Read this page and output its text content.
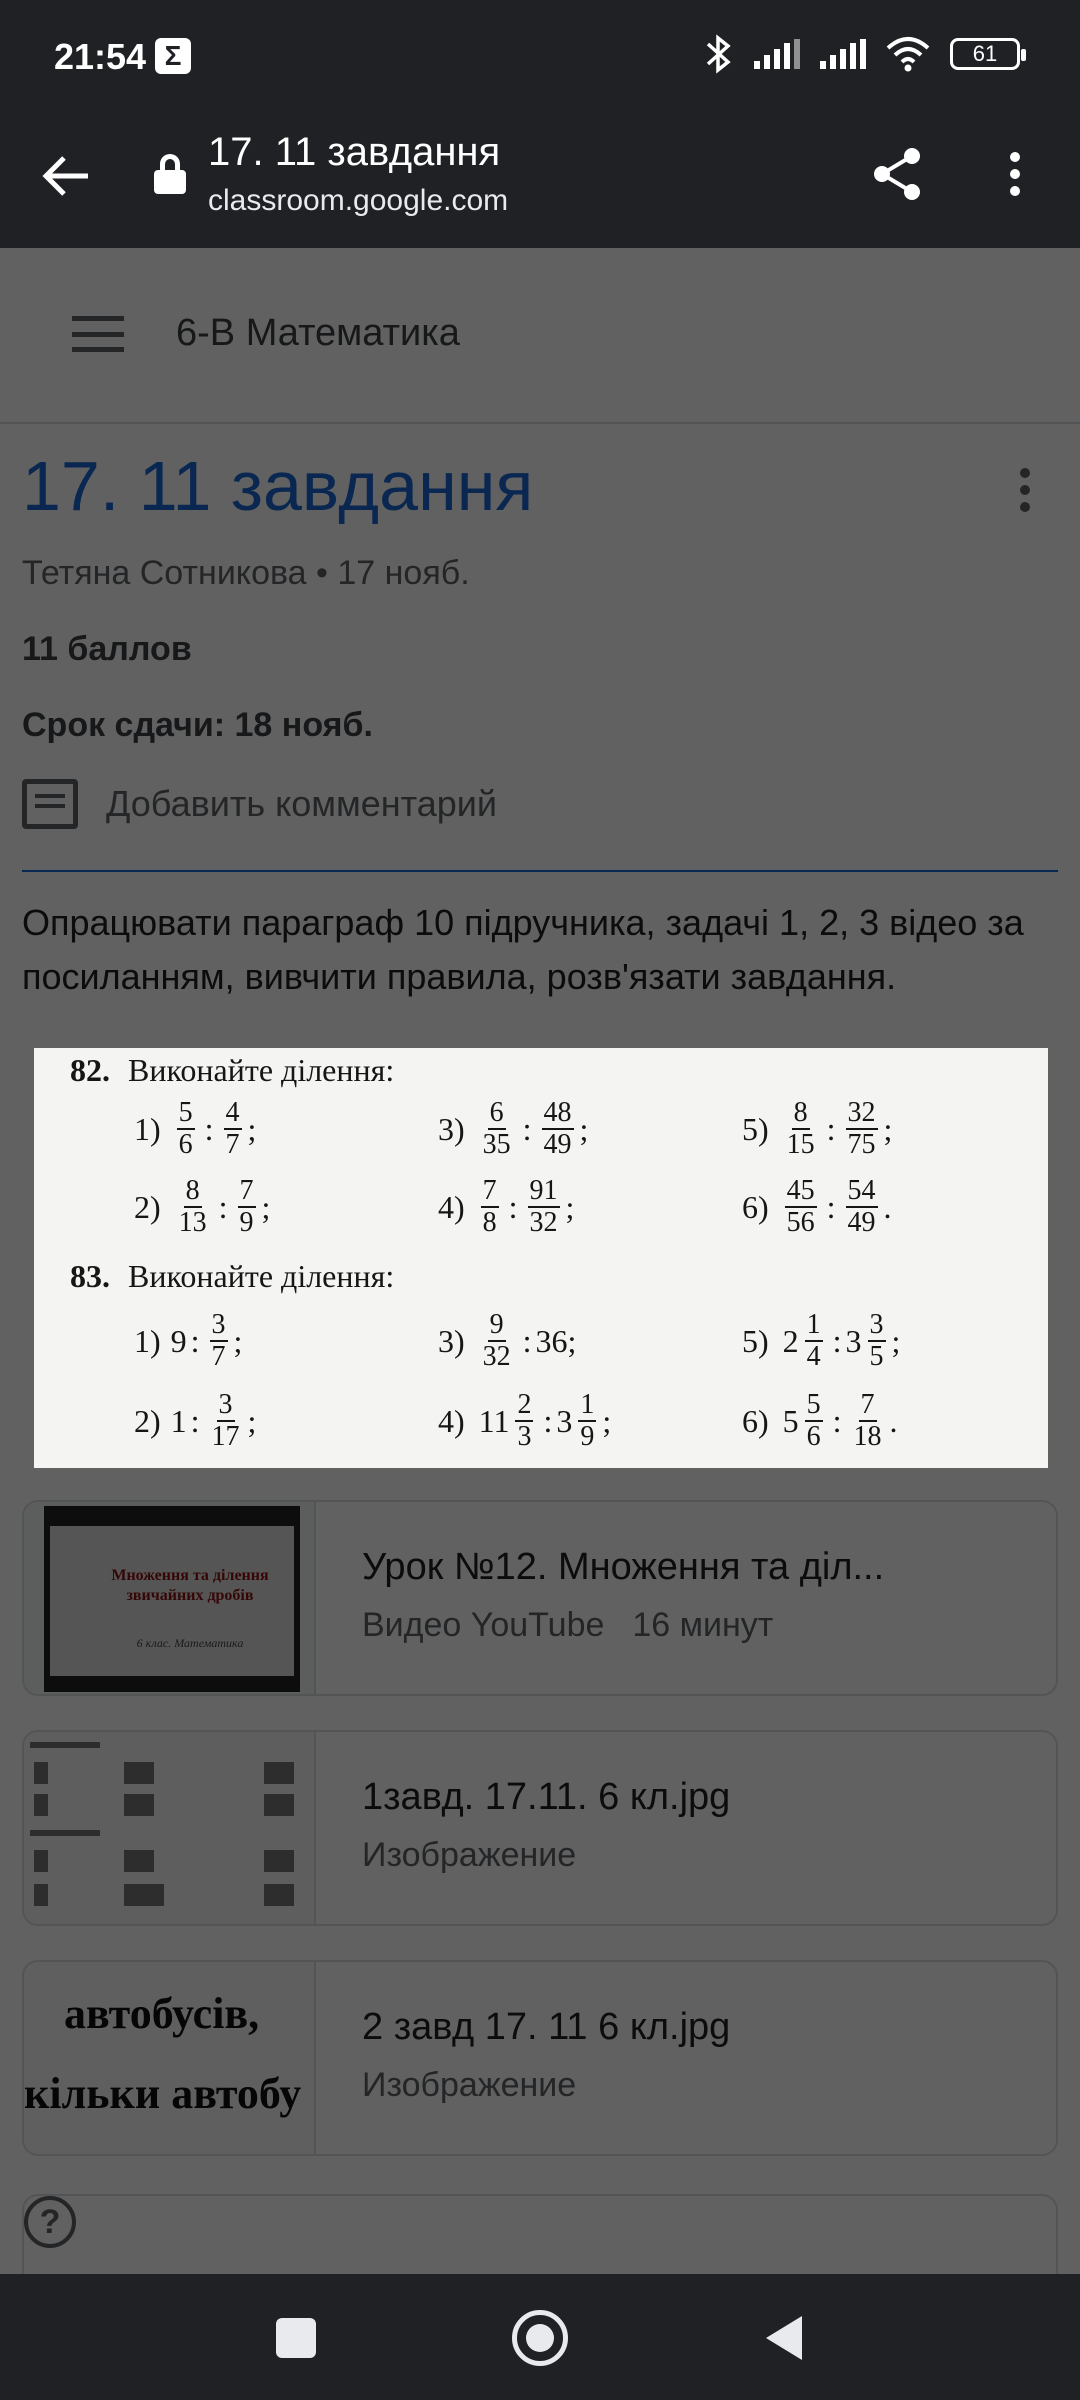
21:54 Σ	61
17. 11 завдання
classroom.google.com
82. Виконайте ділення:
$1) \frac{5}{6}$ : $\frac{4}{7}$ ;	$3) \frac{6}{35}$ : $\frac{48}{49}$ ;	$5) \frac{8}{15}$ : $\frac{32}{75}$ ;
$2) \frac{8}{13}$ : $\frac{7}{9}$ ;	$4) \frac{7}{8}$ : $\frac{91}{32}$ ;	$6) \frac{45}{56}$ : $\frac{54}{49}$ .
83. Виконайте ділення:
1) 9 : $\frac{3}{7}$ ;	$3) \frac{9}{32}$ : 36 ;	5) $2 \frac{1}{4}$ : $3 \frac{3}{5}$ ;
2) 1 : $\frac{3}{17}$ ;	4) $11 \frac{2}{3}$ : $3 \frac{1}{9}$ ;	6) $5 \frac{5}{6}$ : $\frac{7}{18}$ .
